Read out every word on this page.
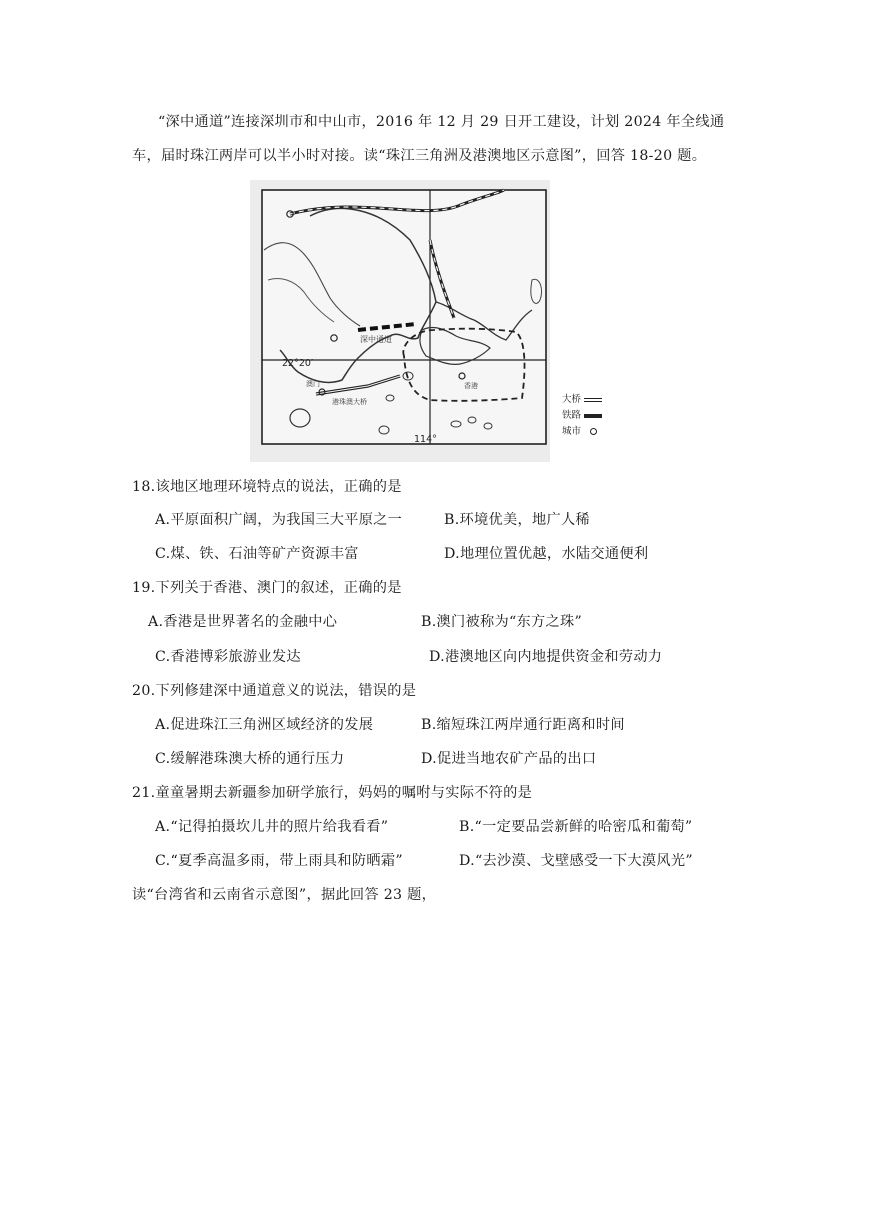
“深中通道”连接深圳市和中山市，2016 年 12 月 29 日开工建设，计划 2024 年全线通
车，届时珠江两岸可以半小时对接。读“珠江三角洲及港澳地区示意图”，回答 18-20 题。
22°20′
114°
深中通道
港珠澳大桥
澳门	香港
大桥
铁路
城市
18.该地区地理环境特点的说法，正确的是
A.平原面积广阔，为我国三大平原之一	B.环境优美，地广人稀
C.煤、铁、石油等矿产资源丰富	D.地理位置优越，水陆交通便利
19.下列关于香港、澳门的叙述，正确的是
A.香港是世界著名的金融中心	B.澳门被称为“东方之珠”
C.香港博彩旅游业发达	D.港澳地区向内地提供资金和劳动力
20.下列修建深中通道意义的说法，错误的是
A.促进珠江三角洲区域经济的发展	B.缩短珠江两岸通行距离和时间
C.缓解港珠澳大桥的通行压力	D.促进当地农矿产品的出口
21.童童暑期去新疆参加研学旅行，妈妈的嘱咐与实际不符的是
A.“记得拍摄坎儿井的照片给我看看”	B.“一定要品尝新鲜的哈密瓜和葡萄”
C.“夏季高温多雨，带上雨具和防晒霜”	D.“去沙漠、戈壁感受一下大漠风光”
读“台湾省和云南省示意图”，据此回答 23 题，
